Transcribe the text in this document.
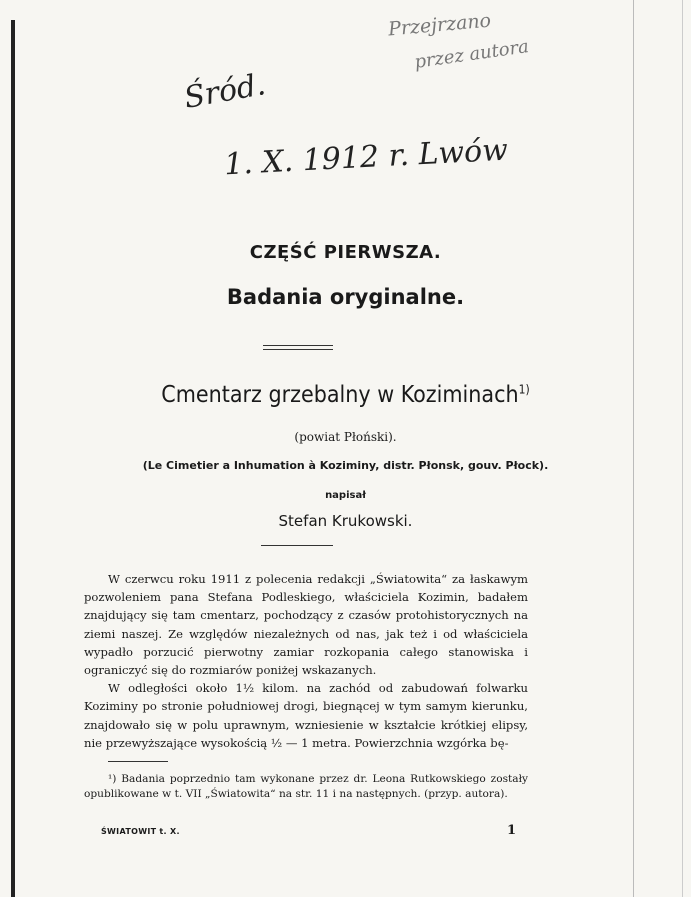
Przejrzano
przez autora
Śród.
1. X. 1912 r. Lwów
CZĘŚĆ PIERWSZA.
Badania oryginalne.
Cmentarz grzebalny w Koziminach$^{1)}$
(powiat Płoński).
(Le Cimetier a Inhumation à Koziminy, distr. Płonsk, gouv. Płock).
napisał
Stefan Krukowski.

W czerwcu roku 1911 z polecenia redakcji „Światowita“ za łaskawym pozwoleniem pana Stefana Podleskiego, właściciela Kozimin, badałem znajdujący się tam cmentarz, pochodzący z czasów protohistorycznych na ziemi naszej. Ze względów niezależnych od nas, jak też i od właściciela wypadło porzucić pierwotny zamiar rozkopania całego stanowiska i ograniczyć się do rozmiarów poniżej wskazanych.

W odległości około 1½ kilom. na zachód od zabudowań folwarku Koziminy po stronie południowej drogi, biegnącej w tym samym kierunku, znajdowało się w polu uprawnym, wzniesienie w kształcie krótkiej elipsy, nie przewyższające wysokością ½ — 1 metra. Powierzchnia wzgórka bę-

¹) Badania poprzednio tam wykonane przez dr. Leona Rutkowskiego zostały opublikowane w t. VII „Światowita“ na str. 11 i na następnych. (przyp. autora).

ŚWIATOWIT t. X.	1
